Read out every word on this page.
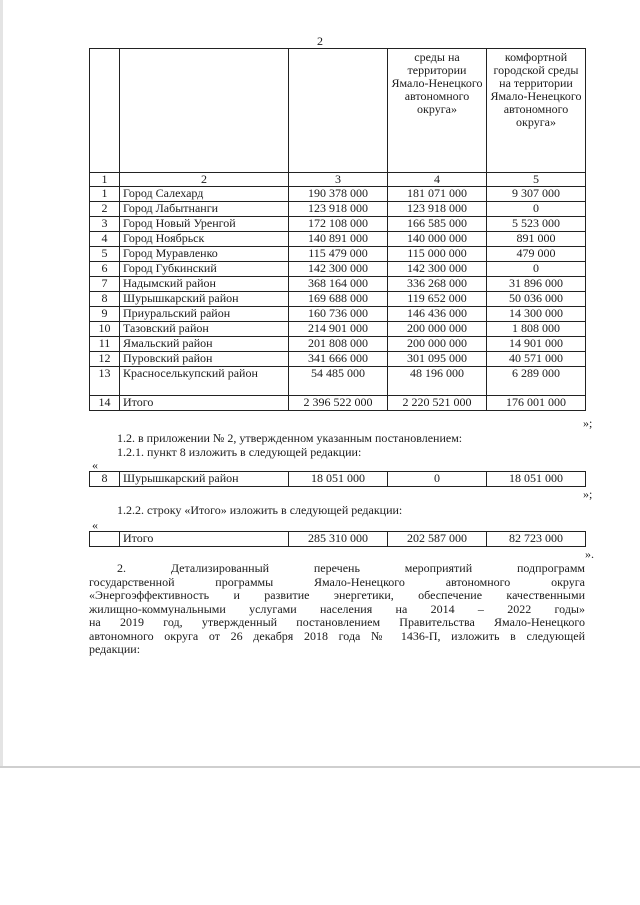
2
			среды на территории Ямало-Ненецкого автономного округа»	комфортной городской среды на территории Ямало-Ненецкого автономного округа»
1	2	3	4	5
1	Город Салехард	190 378 000	181 071 000	9 307 000
2	Город Лабытнанги	123 918 000	123 918 000	0
3	Город Новый Уренгой	172 108 000	166 585 000	5 523 000
4	Город Ноябрьск	140 891 000	140 000 000	891 000
5	Город Муравленко	115 479 000	115 000 000	479 000
6	Город Губкинский	142 300 000	142 300 000	0
7	Надымский район	368 164 000	336 268 000	31 896 000
8	Шурышкарский район	169 688 000	119 652 000	50 036 000
9	Приуральский район	160 736 000	146 436 000	14 300 000
10	Тазовский район	214 901 000	200 000 000	1 808 000
11	Ямальский район	201 808 000	200 000 000	14 901 000
12	Пуровский район	341 666 000	301 095 000	40 571 000
13	Красноселькупский район	54 485 000	48 196 000	6 289 000
14	Итого	2 396 522 000	2 220 521 000	176 001 000
»;
1.2. в приложении № 2, утвержденном указанным постановлением:
1.2.1. пункт 8 изложить в следующей редакции:
«
8	Шурышкарский район	18 051 000	0	18 051 000
»;
1.2.2. строку «Итого» изложить в следующей редакции:
«
	Итого	285 310 000	202 587 000	82 723 000
».
2. Детализированный перечень мероприятий подпрограмм
государственной программы Ямало-Ненецкого автономного округа
«Энергоэффективность и развитие энергетики, обеспечение качественными
жилищно-коммунальными услугами населения на 2014 – 2022 годы»
на 2019 год, утвержденный постановлением Правительства Ямало-Ненецкого
автономного округа от 26 декабря 2018 года № 1436-П, изложить в следующей
редакции:
